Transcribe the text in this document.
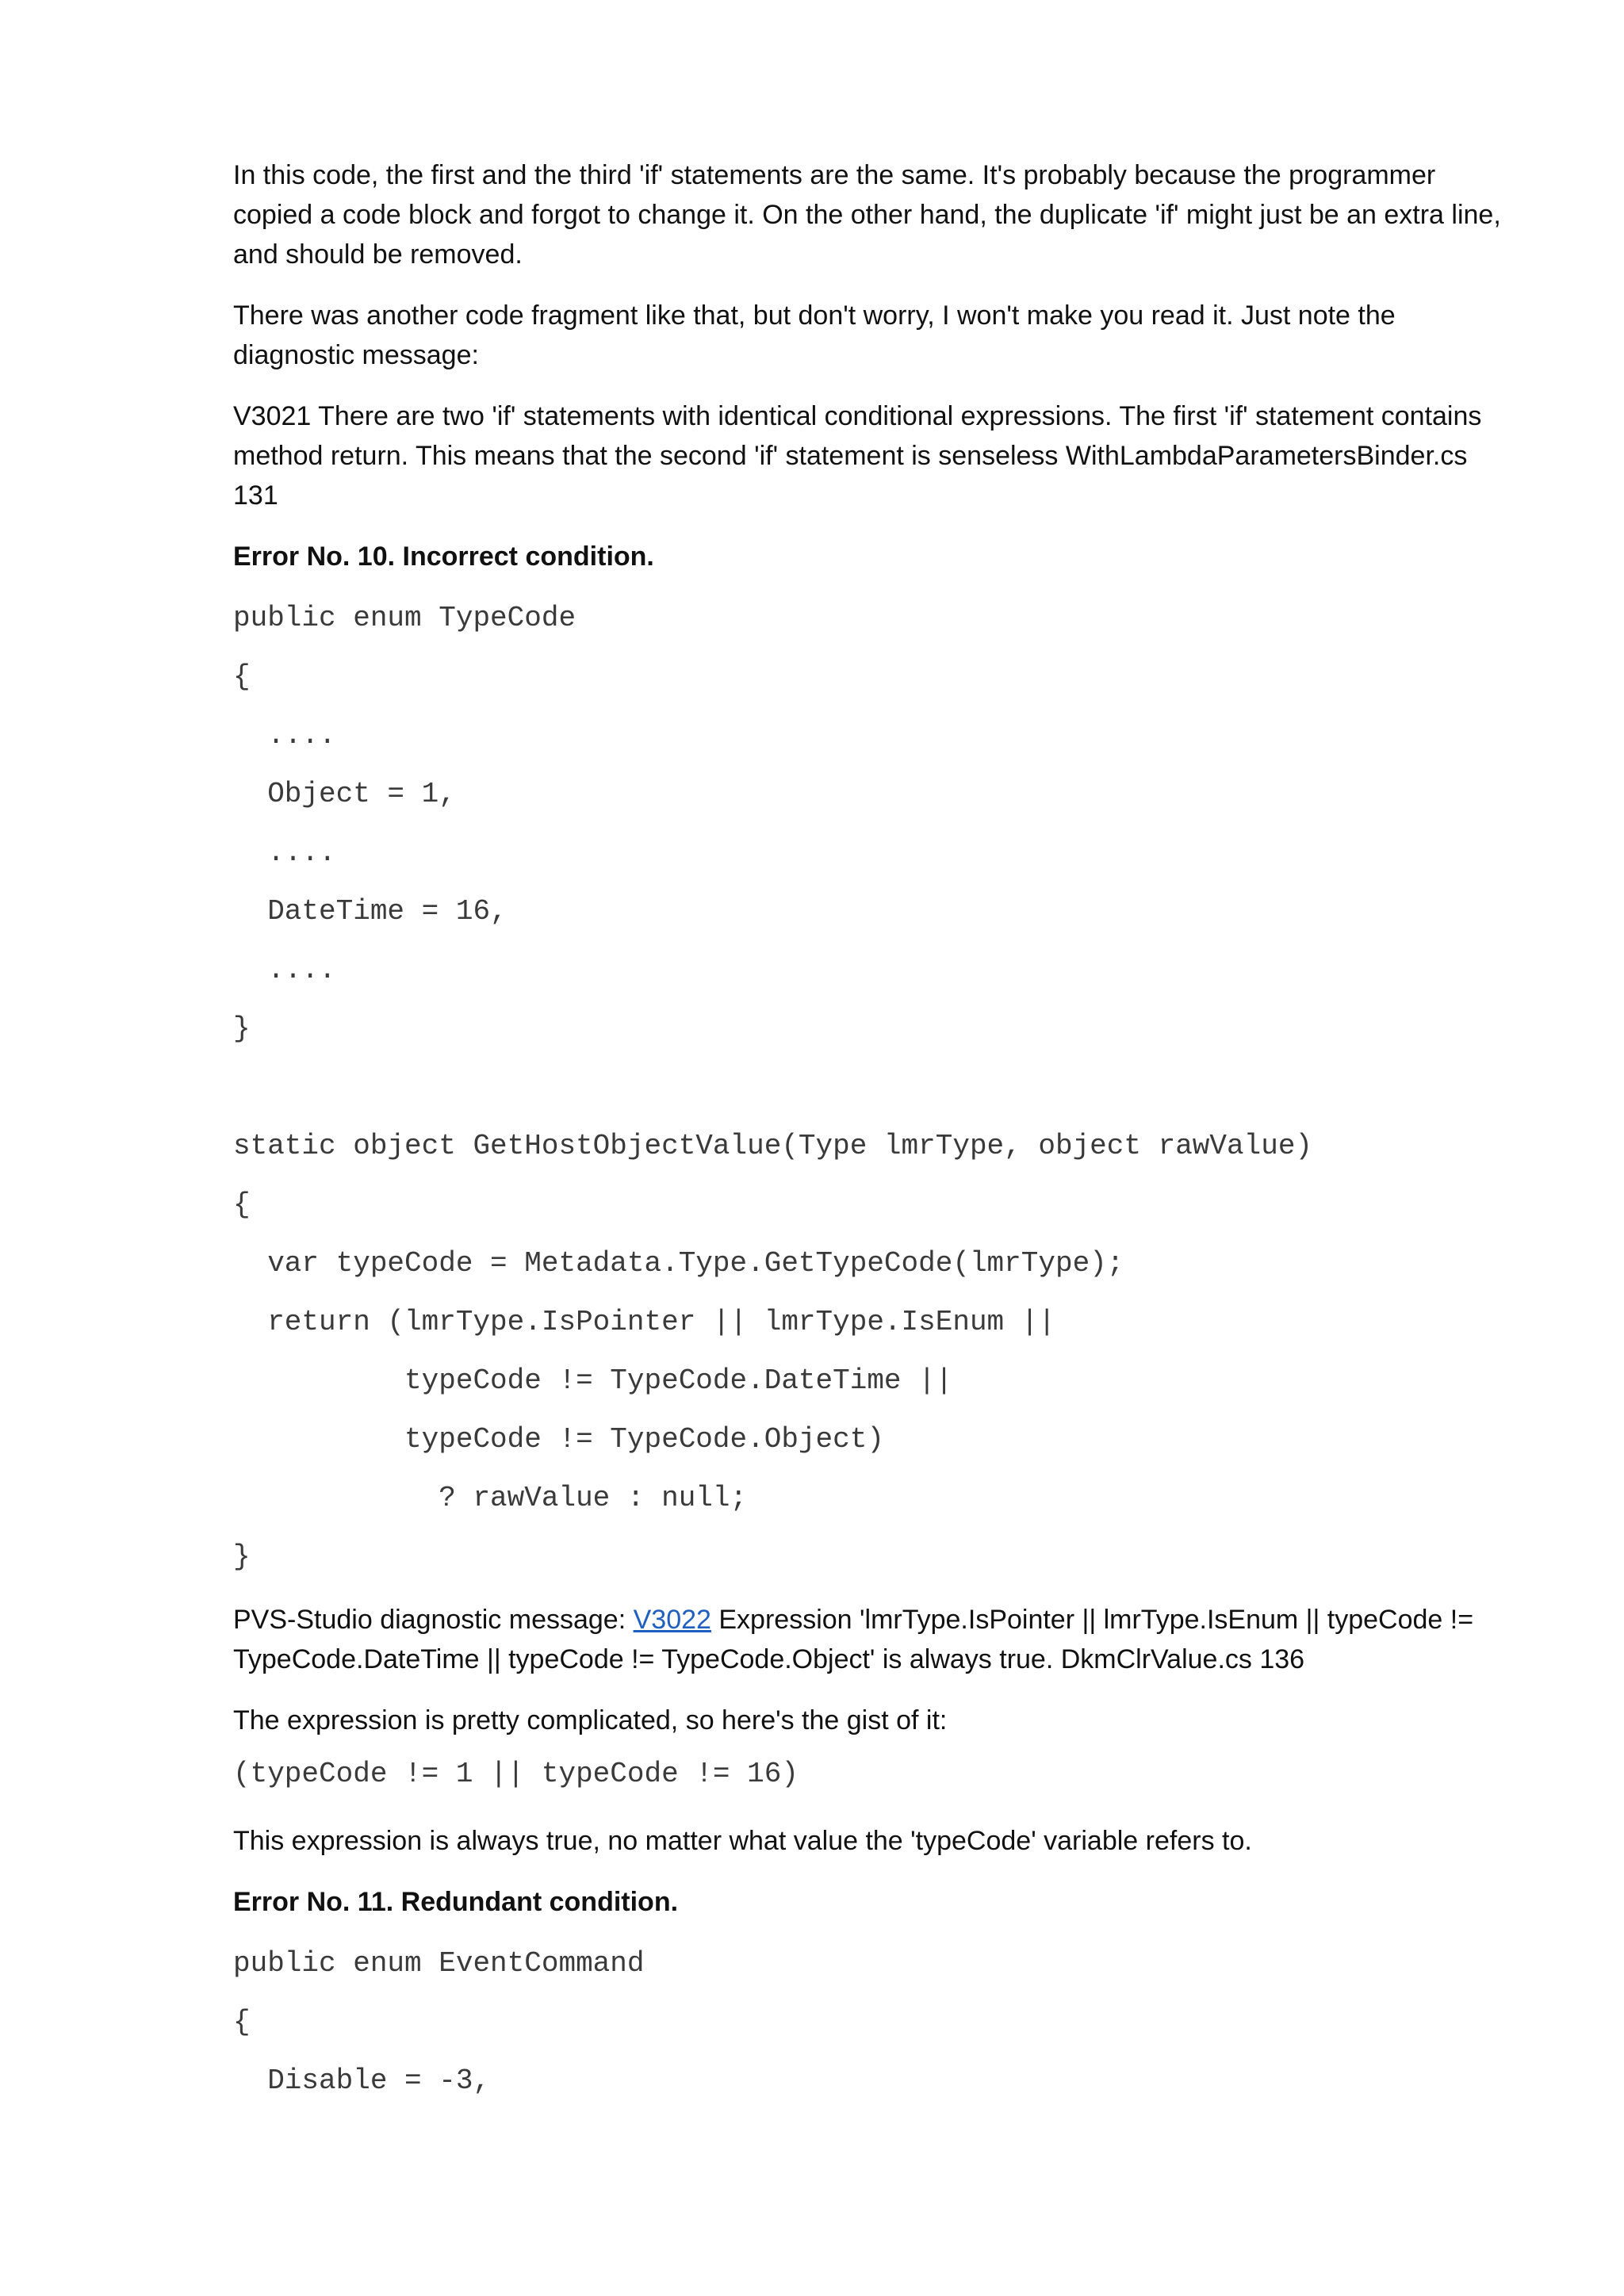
In this code, the first and the third 'if' statements are the same. It's probably because the programmer copied a code block and forgot to change it. On the other hand, the duplicate 'if' might just be an extra line, and should be removed.

There was another code fragment like that, but don't worry, I won't make you read it. Just note the diagnostic message:

V3021 There are two 'if' statements with identical conditional expressions. The first 'if' statement contains method return. This means that the second 'if' statement is senseless WithLambdaParametersBinder.cs 131

Error No. 10. Incorrect condition.

public enum TypeCode
{
....
Object = 1,
....
DateTime = 16,
....
}
static object GetHostObjectValue(Type lmrType, object rawValue)
{
var typeCode = Metadata.Type.GetTypeCode(lmrType);
return (lmrType.IsPointer || lmrType.IsEnum ||
typeCode != TypeCode.DateTime ||
typeCode != TypeCode.Object)
? rawValue : null;
}

PVS-Studio diagnostic message: V3022 Expression 'lmrType.IsPointer || lmrType.IsEnum || typeCode != TypeCode.DateTime || typeCode != TypeCode.Object' is always true. DkmClrValue.cs 136

The expression is pretty complicated, so here's the gist of it:

(typeCode != 1 || typeCode != 16)

This expression is always true, no matter what value the 'typeCode' variable refers to.

Error No. 11. Redundant condition.

public enum EventCommand
{
Disable = -3,
